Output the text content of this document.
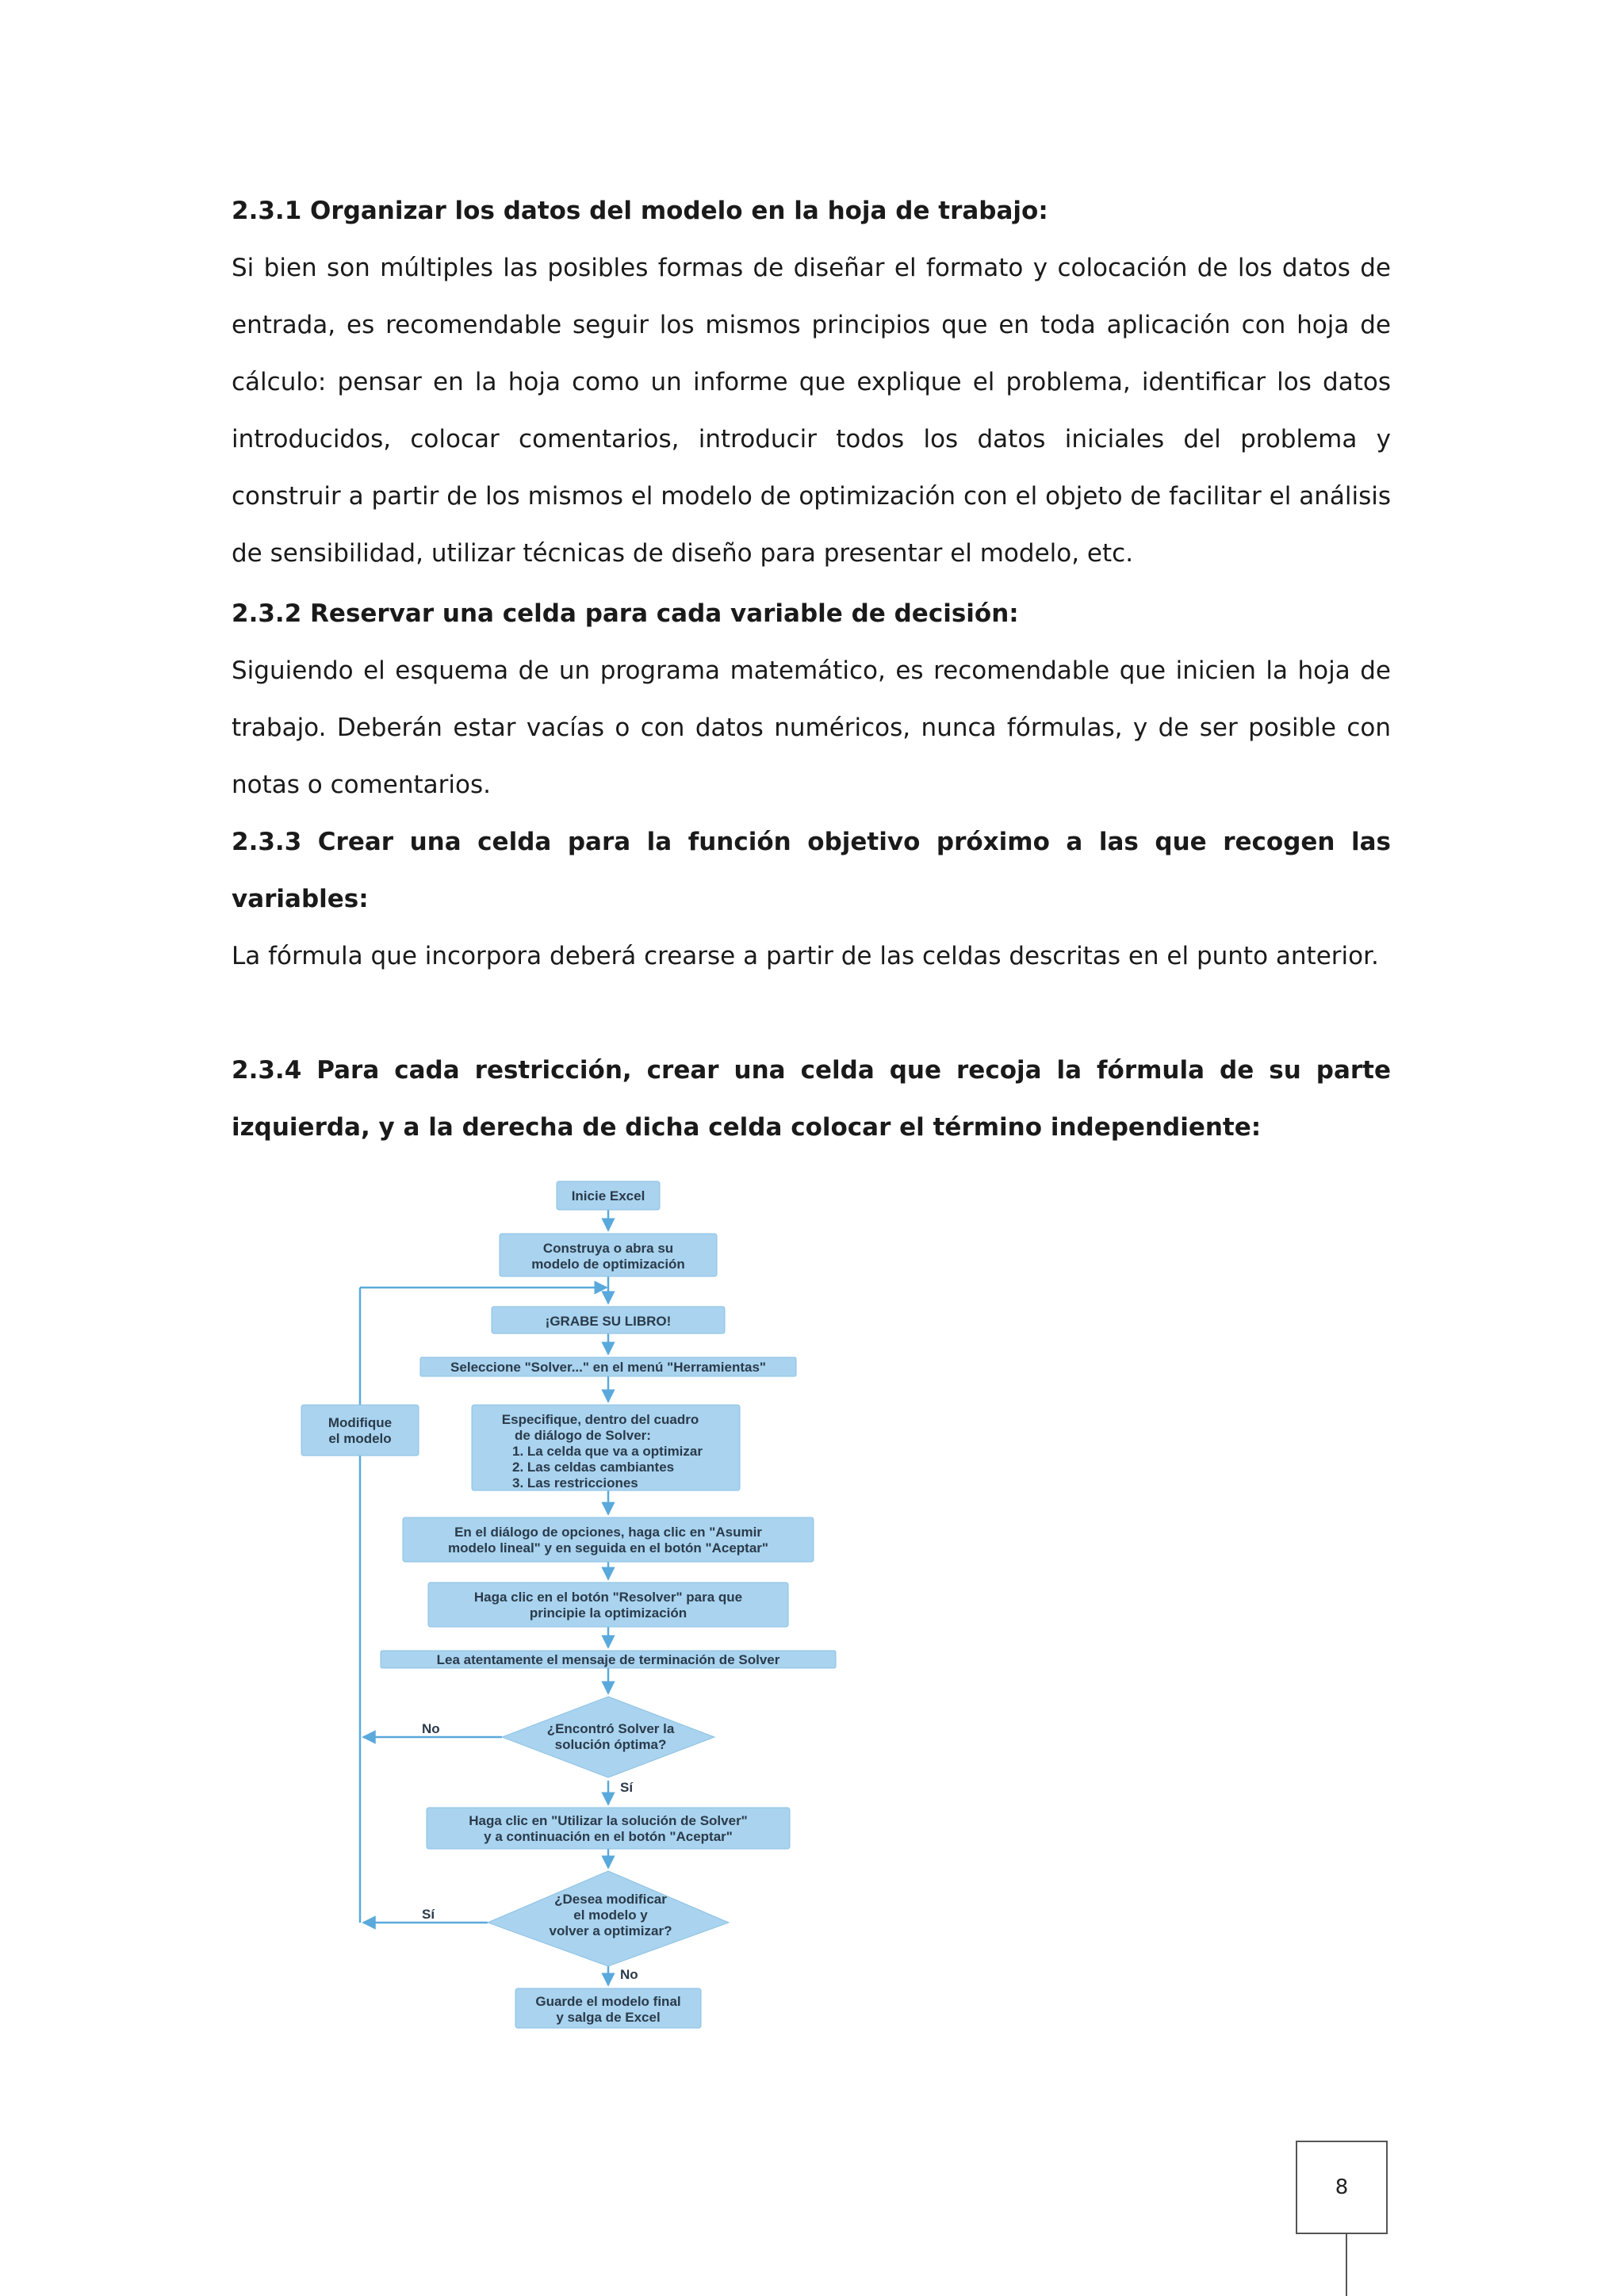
2.3.1 Organizar los datos del modelo en la hoja de trabajo:
Si bien son múltiples las posibles formas de diseñar el formato y colocación de los datos de entrada, es recomendable seguir los mismos principios que en toda aplicación con hoja de cálculo: pensar en la hoja como un informe que explique el problema, identificar los datos introducidos, colocar comentarios, introducir todos los datos iniciales del problema y construir a partir de los mismos el modelo de optimización con el objeto de facilitar el análisis de sensibilidad, utilizar técnicas de diseño para presentar el modelo, etc.
2.3.2 Reservar una celda para cada variable de decisión:
Siguiendo el esquema de un programa matemático, es recomendable que inicien la hoja de trabajo. Deberán estar vacías o con datos numéricos, nunca fórmulas, y de ser posible con notas o comentarios.
2.3.3 Crear una celda para la función objetivo próximo a las que recogen las variables:
La fórmula que incorpora deberá crearse a partir de las celdas descritas en el punto anterior.
2.3.4 Para cada restricción, crear una celda que recoja la fórmula de su parte izquierda, y a la derecha de dicha celda colocar el término independiente:
Inicie Excel
Construya o abra su
modelo de optimización
¡GRABE SU LIBRO!
Seleccione "Solver..." en el menú "Herramientas"
Especifique, dentro del cuadro
de diálogo de Solver:
Modifique
el modelo
En el diálogo de opciones, haga clic en "Asumir
modelo lineal" y en seguida en el botón "Aceptar"
Haga clic en el botón "Resolver" para que
principie la optimización
Lea atentamente el mensaje de terminación de Solver
¿Encontró Solver la
solución óptima?
Haga clic en "Utilizar la solución de Solver"
y a continuación en el botón "Aceptar"
¿Desea modificar
el modelo y
volver a optimizar?
Guarde el modelo final
y salga de Excel
1. La celda que va a optimizar
2. Las celdas cambiantes
3. Las restricciones
No
Sí
Sí
No
8
